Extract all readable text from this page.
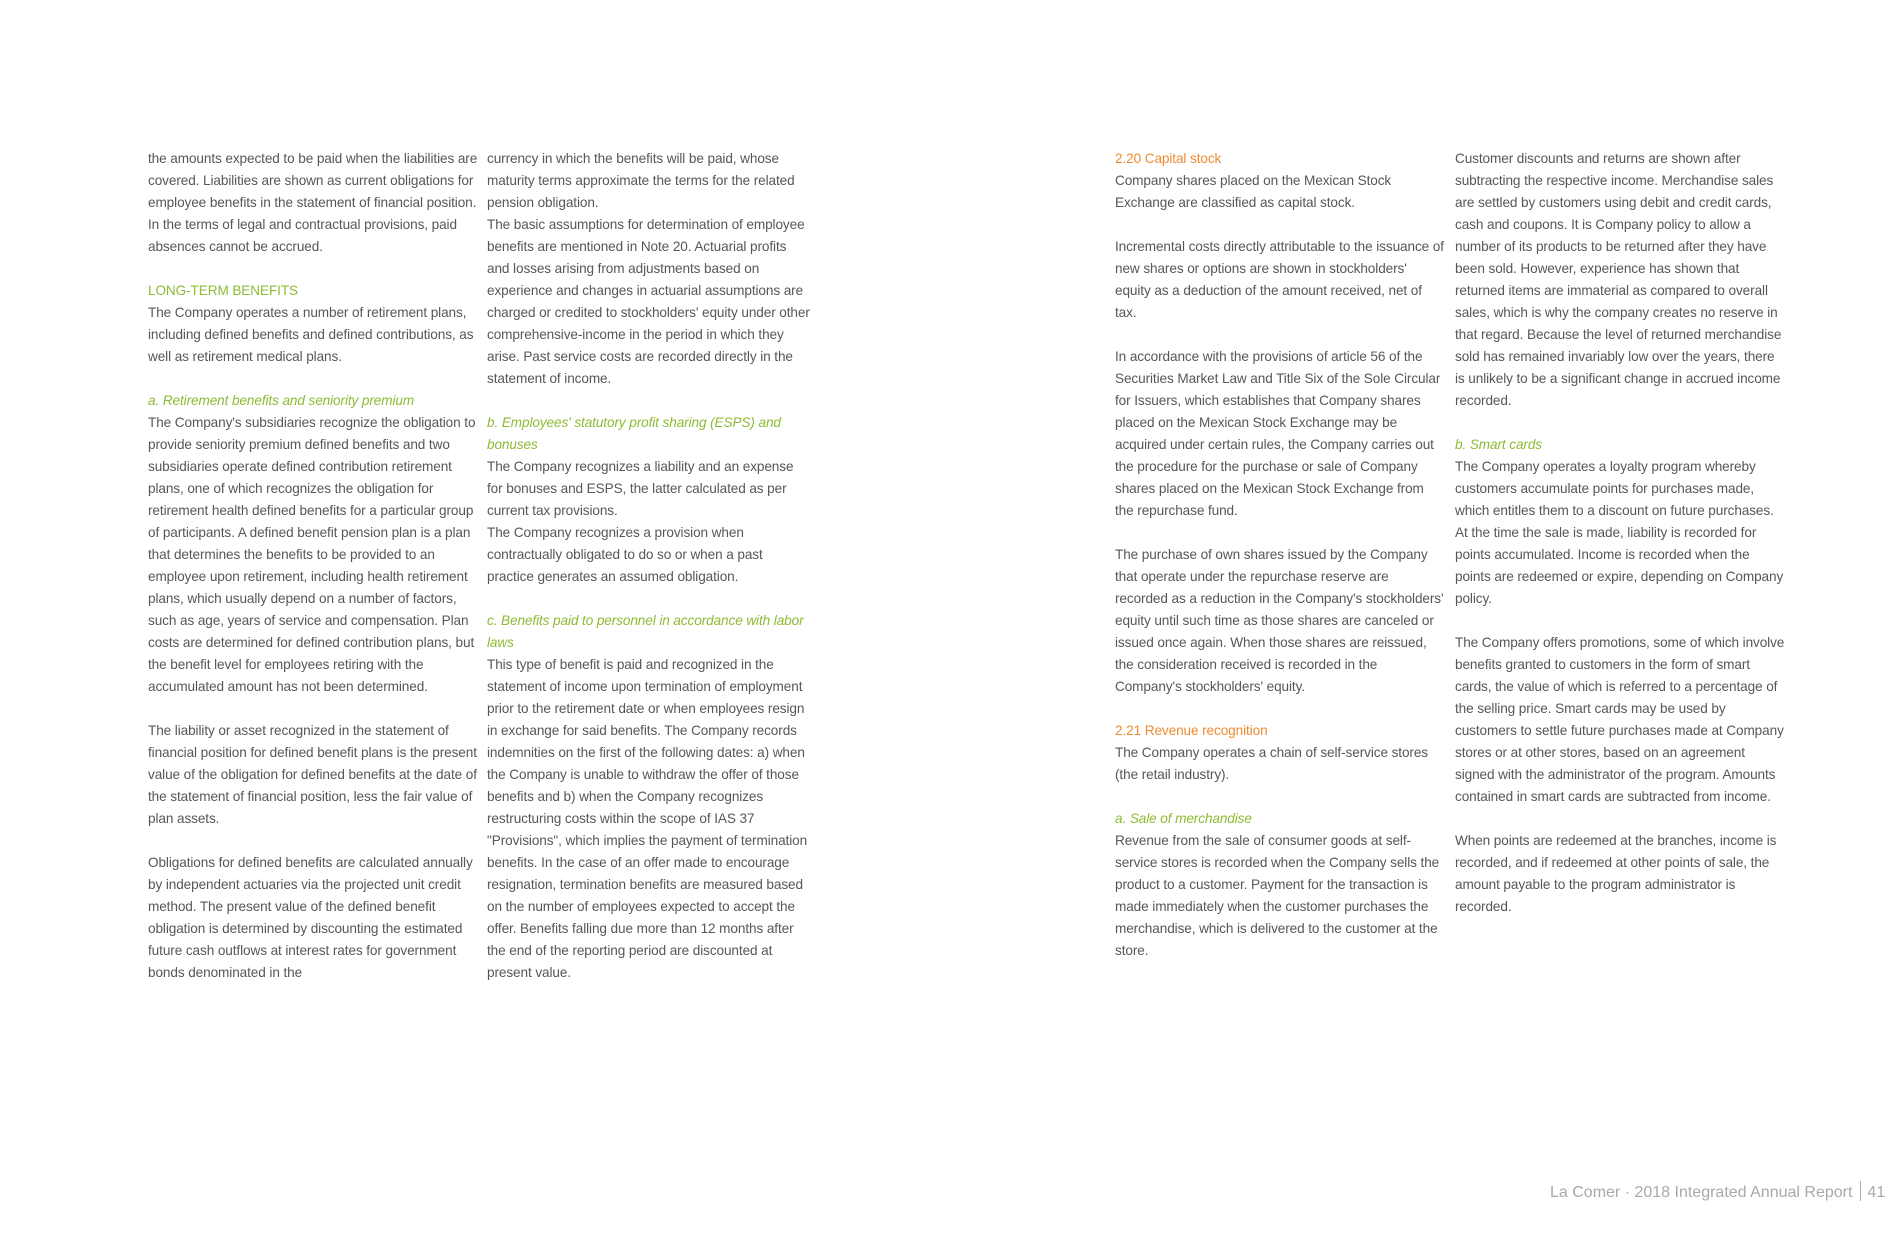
the amounts expected to be paid when the liabilities are covered. Liabilities are shown as current obligations for employee benefits in the statement of financial position. In the terms of legal and contractual provisions, paid absences cannot be accrued.

LONG-TERM BENEFITS

The Company operates a number of retirement plans, including defined benefits and defined contributions, as well as retirement medical plans.

a. Retirement benefits and seniority premium

The Company's subsidiaries recognize the obligation to provide seniority premium defined benefits and two subsidiaries operate defined contribution retirement plans, one of which recognizes the obligation for retirement health defined benefits for a particular group of participants. A defined benefit pension plan is a plan that determines the benefits to be provided to an employee upon retirement, including health retirement plans, which usually depend on a number of factors, such as age, years of service and compensation. Plan costs are determined for defined contribution plans, but the benefit level for employees retiring with the accumulated amount has not been determined.

The liability or asset recognized in the statement of financial position for defined benefit plans is the present value of the obligation for defined benefits at the date of the statement of financial position, less the fair value of plan assets.

Obligations for defined benefits are calculated annually by independent actuaries via the projected unit credit method. The present value of the defined benefit obligation is determined by discounting the estimated future cash outflows at interest rates for government bonds denominated in the

currency in which the benefits will be paid, whose maturity terms approximate the terms for the related pension obligation.

The basic assumptions for determination of employee benefits are mentioned in Note 20. Actuarial profits and losses arising from adjustments based on experience and changes in actuarial assumptions are charged or credited to stockholders' equity under other comprehensive-income in the period in which they arise. Past service costs are recorded directly in the statement of income.

b. Employees' statutory profit sharing (ESPS) and bonuses

The Company recognizes a liability and an expense for bonuses and ESPS, the latter calculated as per current tax provisions.

The Company recognizes a provision when contractually obligated to do so or when a past practice generates an assumed obligation.

c. Benefits paid to personnel in accordance with labor laws

This type of benefit is paid and recognized in the statement of income upon termination of employment prior to the retirement date or when employees resign in exchange for said benefits. The Company records indemnities on the first of the following dates: a) when the Company is unable to withdraw the offer of those benefits and b) when the Company recognizes restructuring costs within the scope of IAS 37 "Provisions", which implies the payment of termination benefits. In the case of an offer made to encourage resignation, termination benefits are measured based on the number of employees expected to accept the offer. Benefits falling due more than 12 months after the end of the reporting period are discounted at present value.

2.20 Capital stock

Company shares placed on the Mexican Stock Exchange are classified as capital stock.

Incremental costs directly attributable to the issuance of new shares or options are shown in stockholders' equity as a deduction of the amount received, net of tax.

In accordance with the provisions of article 56 of the Securities Market Law and Title Six of the Sole Circular for Issuers, which establishes that Company shares placed on the Mexican Stock Exchange may be acquired under certain rules, the Company carries out the procedure for the purchase or sale of Company shares placed on the Mexican Stock Exchange from the repurchase fund.

The purchase of own shares issued by the Company that operate under the repurchase reserve are recorded as a reduction in the Company's stockholders' equity until such time as those shares are canceled or issued once again. When those shares are reissued, the consideration received is recorded in the Company's stockholders' equity.

2.21 Revenue recognition

The Company operates a chain of self-service stores (the retail industry).

a. Sale of merchandise

Revenue from the sale of consumer goods at self-service stores is recorded when the Company sells the product to a customer. Payment for the transaction is made immediately when the customer purchases the merchandise, which is delivered to the customer at the store.

Customer discounts and returns are shown after subtracting the respective income. Merchandise sales are settled by customers using debit and credit cards, cash and coupons. It is Company policy to allow a number of its products to be returned after they have been sold. However, experience has shown that returned items are immaterial as compared to overall sales, which is why the company creates no reserve in that regard. Because the level of returned merchandise sold has remained invariably low over the years, there is unlikely to be a significant change in accrued income recorded.

b. Smart cards

The Company operates a loyalty program whereby customers accumulate points for purchases made, which entitles them to a discount on future purchases. At the time the sale is made, liability is recorded for points accumulated. Income is recorded when the points are redeemed or expire, depending on Company policy.

The Company offers promotions, some of which involve benefits granted to customers in the form of smart cards, the value of which is referred to a percentage of the selling price. Smart cards may be used by customers to settle future purchases made at Company stores or at other stores, based on an agreement signed with the administrator of the program. Amounts contained in smart cards are subtracted from income.

When points are redeemed at the branches, income is recorded, and if redeemed at other points of sale, the amount payable to the program administrator is recorded.

La Comer · 2018 Integrated Annual Report 41
